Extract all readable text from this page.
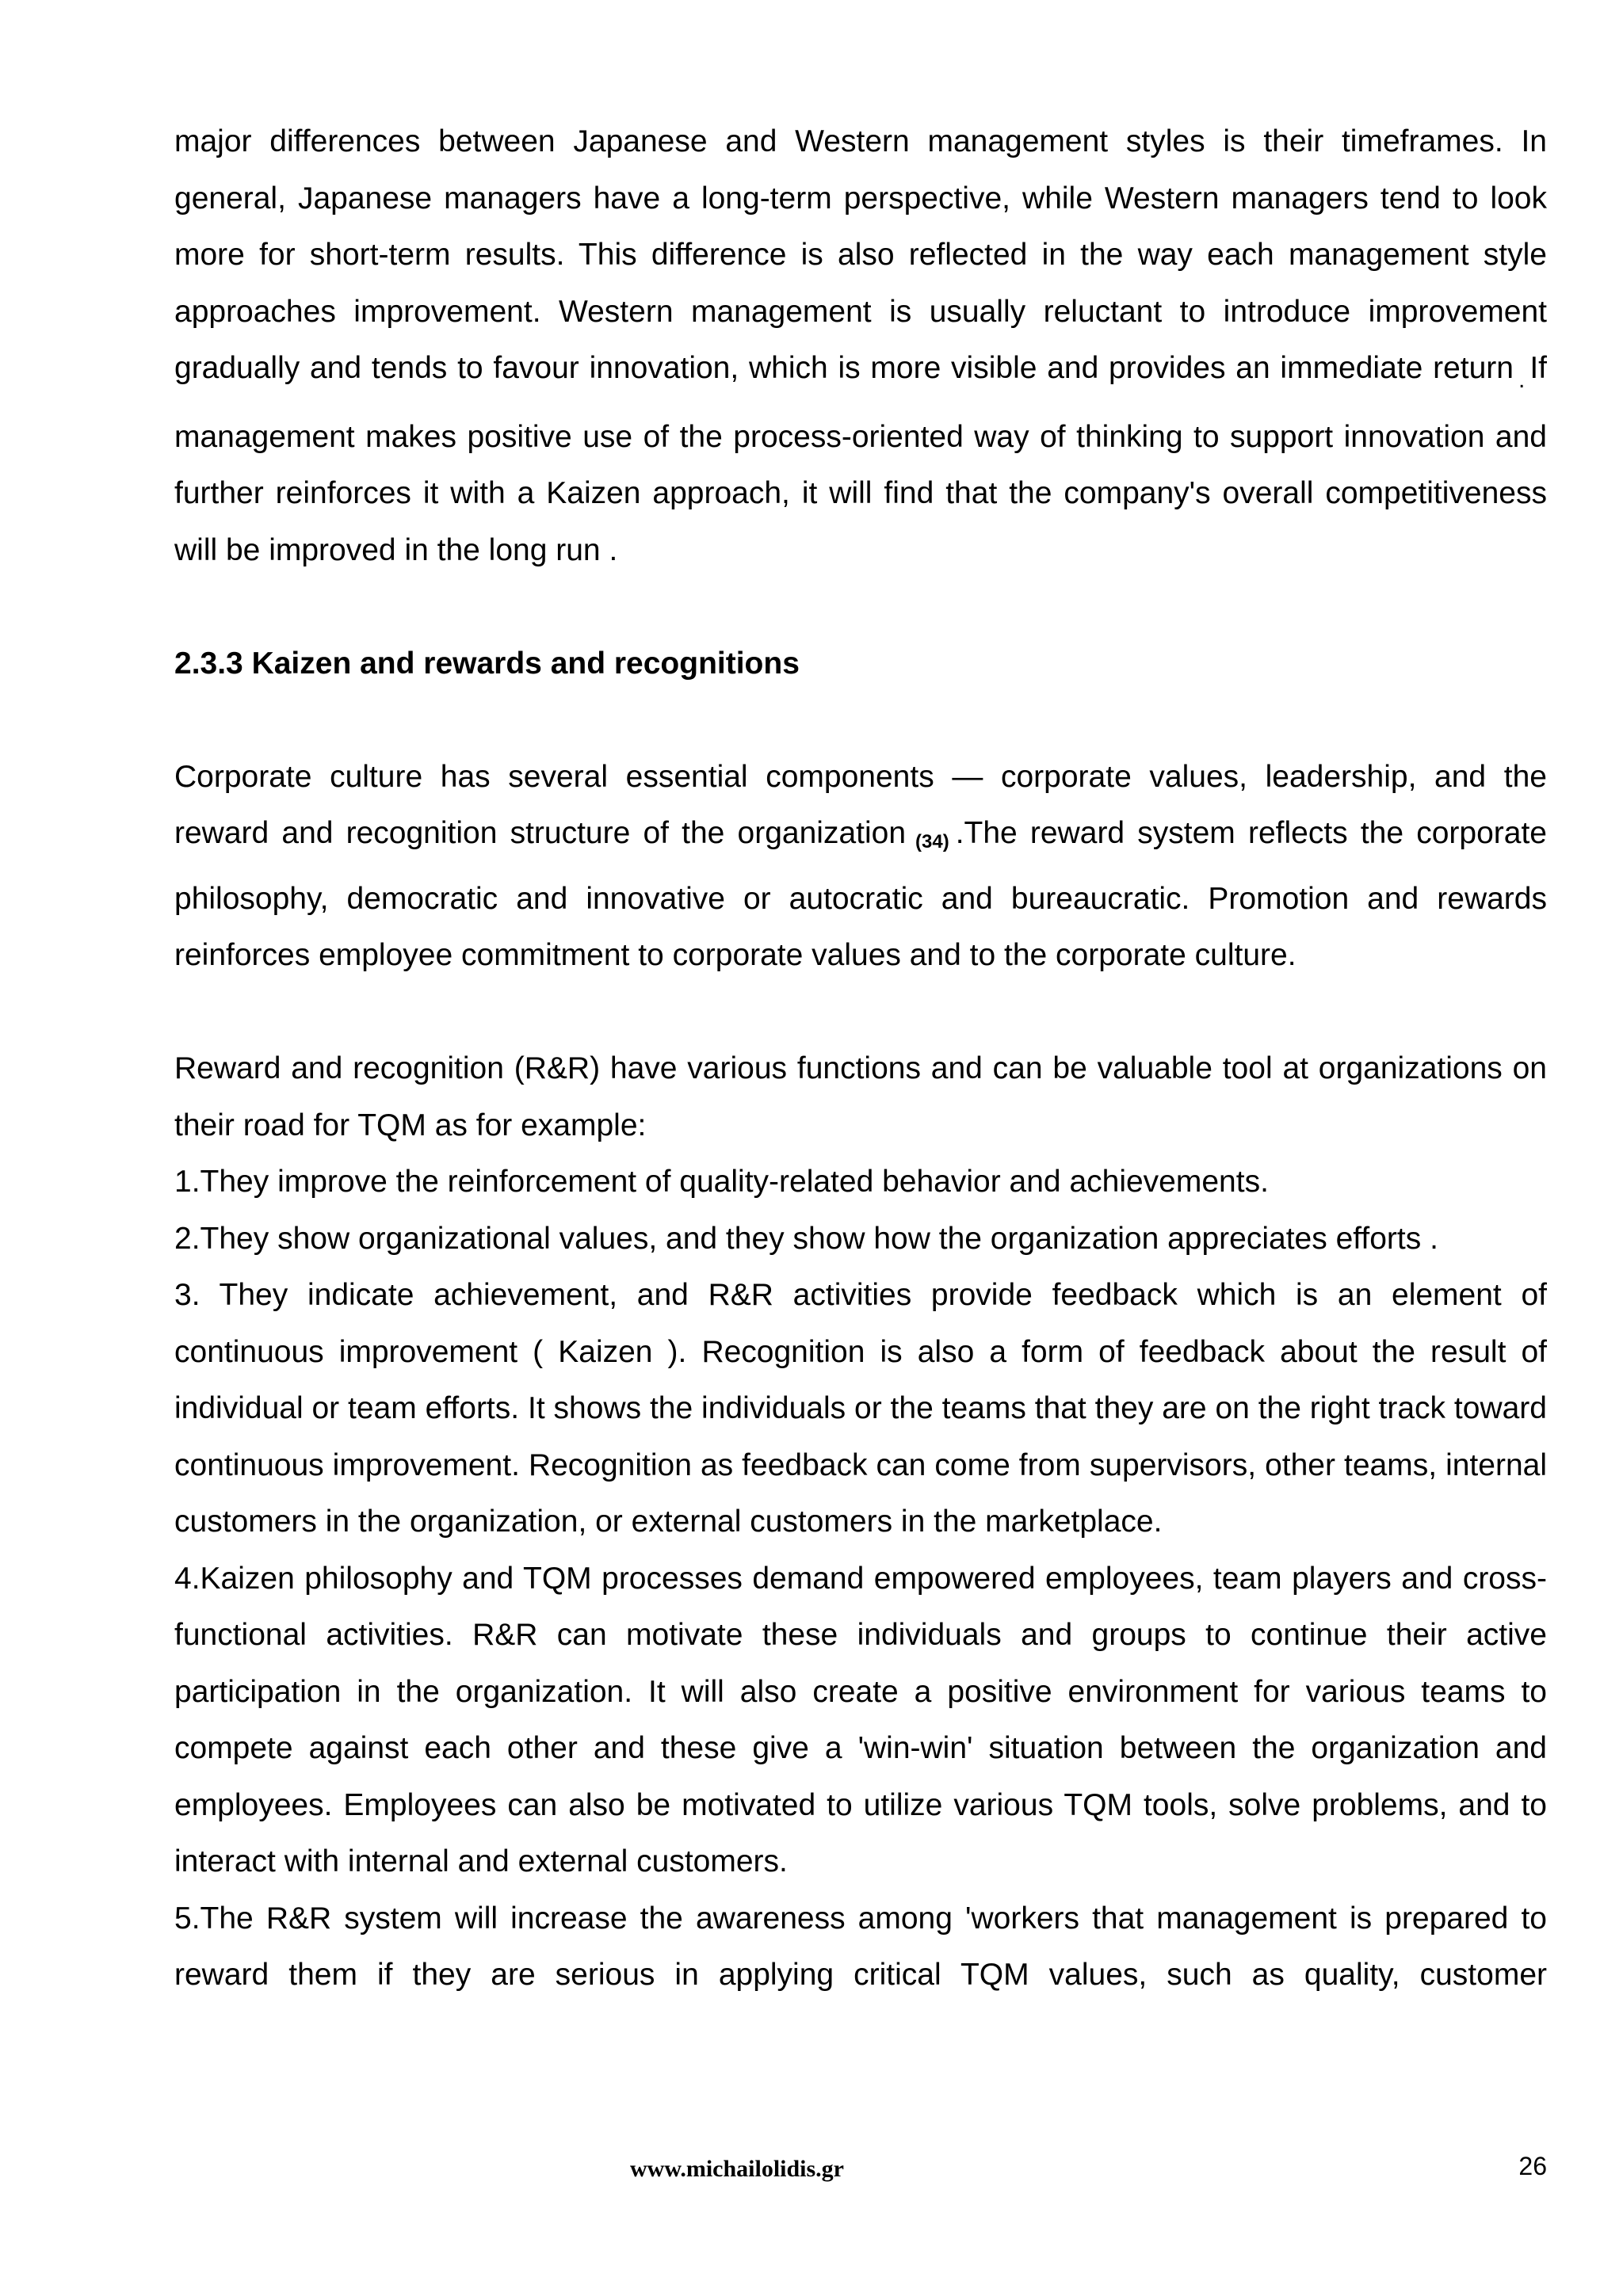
major differences between Japanese and Western management styles is their timeframes. In general, Japanese managers have a long-term perspective, while Western managers tend to look more for short-term results. This difference is also reflected in the way each management style approaches improvement. Western management is usually reluctant to introduce improvement gradually and tends to favour innovation, which is more visible and provides an immediate return $_.$ If management makes positive use of the process-oriented way of thinking to support innovation and further reinforces it with a Kaizen approach, it will find that the company's overall competitiveness will be improved in the long run .

2.3.3 Kaizen and rewards and recognitions

Corporate culture has several essential components — corporate values, leadership, and the reward and recognition structure of the organization (34) .The reward system reflects the corporate philosophy, democratic and innovative or autocratic and bureaucratic. Promotion and rewards reinforces employee commitment to corporate values and to the corporate culture.

Reward and recognition (R&R) have various functions and can be valuable tool at organizations on their road for TQM as for example:

1.They improve the reinforcement of quality-related behavior and achievements.

2.They show organizational values, and they show how the organization appreciates efforts .

3. They indicate achievement, and R&R activities provide feedback which is an element of continuous improvement ( Kaizen ). Recognition is also a form of feedback about the result of individual or team efforts. It shows the individuals or the teams that they are on the right track toward continuous improvement. Recognition as feedback can come from supervisors, other teams, internal customers in the organization, or external customers in the marketplace.

4.Kaizen philosophy and TQM processes demand empowered employees, team players and cross-functional activities. R&R can motivate these individuals and groups to continue their active participation in the organization. It will also create a positive environment for various teams to compete against each other and these give a 'win-win' situation between the organization and employees. Employees can also be motivated to utilize various TQM tools, solve problems, and to interact with internal and external customers.

5.The R&R system will increase the awareness among 'workers that management is prepared to reward them if they are serious in applying critical TQM values, such as quality, customer

www.michailolidis.gr	26
